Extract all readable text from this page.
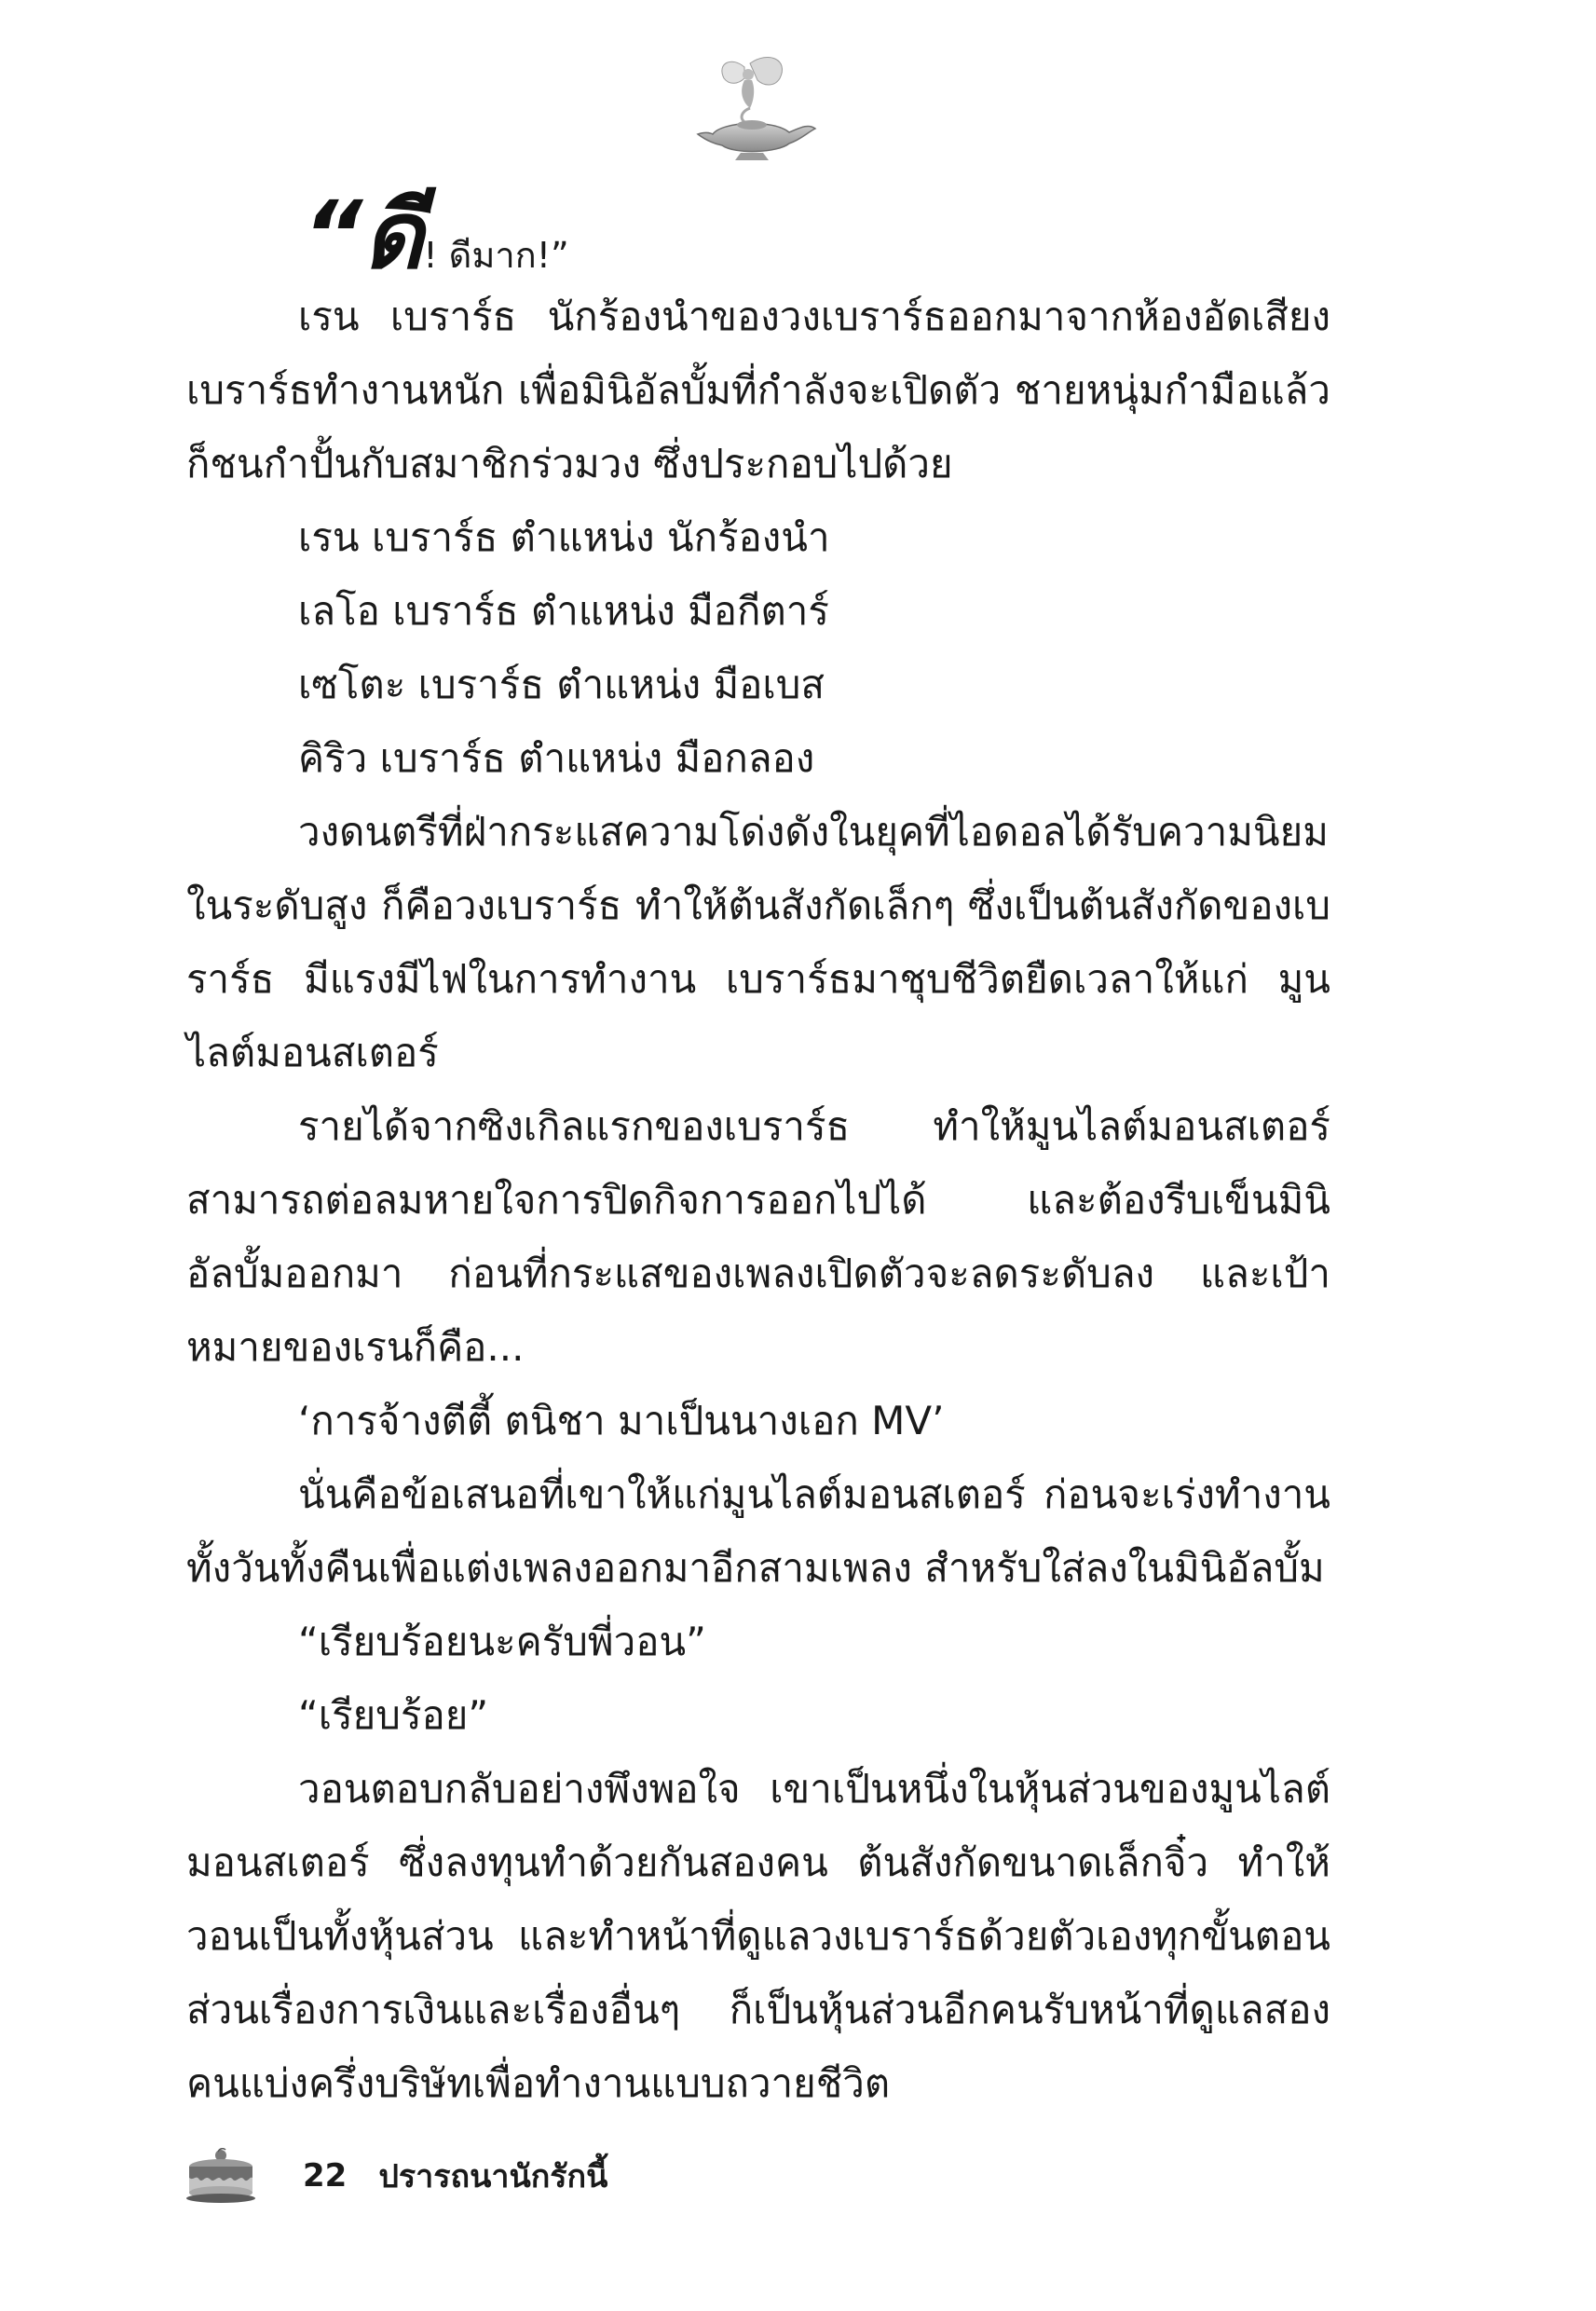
“ดี! ดีมาก!”

เรน เบราร์ธ นักร้องนำของวงเบราร์ธออกมาจากห้องอัดเสียงเบราร์ธทำงานหนัก เพื่อมินิอัลบั้มที่กำลังจะเปิดตัว ชายหนุ่มกำมือแล้วก็ชนกำปั้นกับสมาชิกร่วมวง ซึ่งประกอบไปด้วย

เรน เบราร์ธ ตำแหน่ง นักร้องนำ

เลโอ เบราร์ธ ตำแหน่ง มือกีตาร์

เซโตะ เบราร์ธ ตำแหน่ง มือเบส

คิริว เบราร์ธ ตำแหน่ง มือกลอง

วงดนตรีที่ฝ่ากระแสความโด่งดังในยุคที่ไอดอลได้รับความนิยมในระดับสูง ก็คือวงเบราร์ธ ทำให้ต้นสังกัดเล็กๆ ซึ่งเป็นต้นสังกัดของเบราร์ธ มีแรงมีไฟในการทำงาน เบราร์ธมาชุบชีวิตยืดเวลาให้แก่ มูนไลต์มอนสเตอร์

รายได้จากซิงเกิลแรกของเบราร์ธ ทำให้มูนไลต์มอนสเตอร์สามารถต่อลมหายใจการปิดกิจการออกไปได้ และต้องรีบเข็นมินิอัลบั้มออกมา ก่อนที่กระแสของเพลงเปิดตัวจะลดระดับลง และเป้าหมายของเรนก็คือ...

‘การจ้างตีตี้ ตนิชา มาเป็นนางเอก MV’

นั่นคือข้อเสนอที่เขาให้แก่มูนไลต์มอนสเตอร์ ก่อนจะเร่งทำงานทั้งวันทั้งคืนเพื่อแต่งเพลงออกมาอีกสามเพลง สำหรับใส่ลงในมินิอัลบั้ม

“เรียบร้อยนะครับพี่วอน”

“เรียบร้อย”

วอนตอบกลับอย่างพึงพอใจ เขาเป็นหนึ่งในหุ้นส่วนของมูนไลต์มอนสเตอร์ ซึ่งลงทุนทำด้วยกันสองคน ต้นสังกัดขนาดเล็กจิ๋ว ทำให้วอนเป็นทั้งหุ้นส่วน และทำหน้าที่ดูแลวงเบราร์ธด้วยตัวเองทุกขั้นตอน ส่วนเรื่องการเงินและเรื่องอื่นๆ ก็เป็นหุ้นส่วนอีกคนรับหน้าที่ดูแลสองคนแบ่งครึ่งบริษัทเพื่อทำงานแบบถวายชีวิต

22 ปรารถนานักรักนี้
